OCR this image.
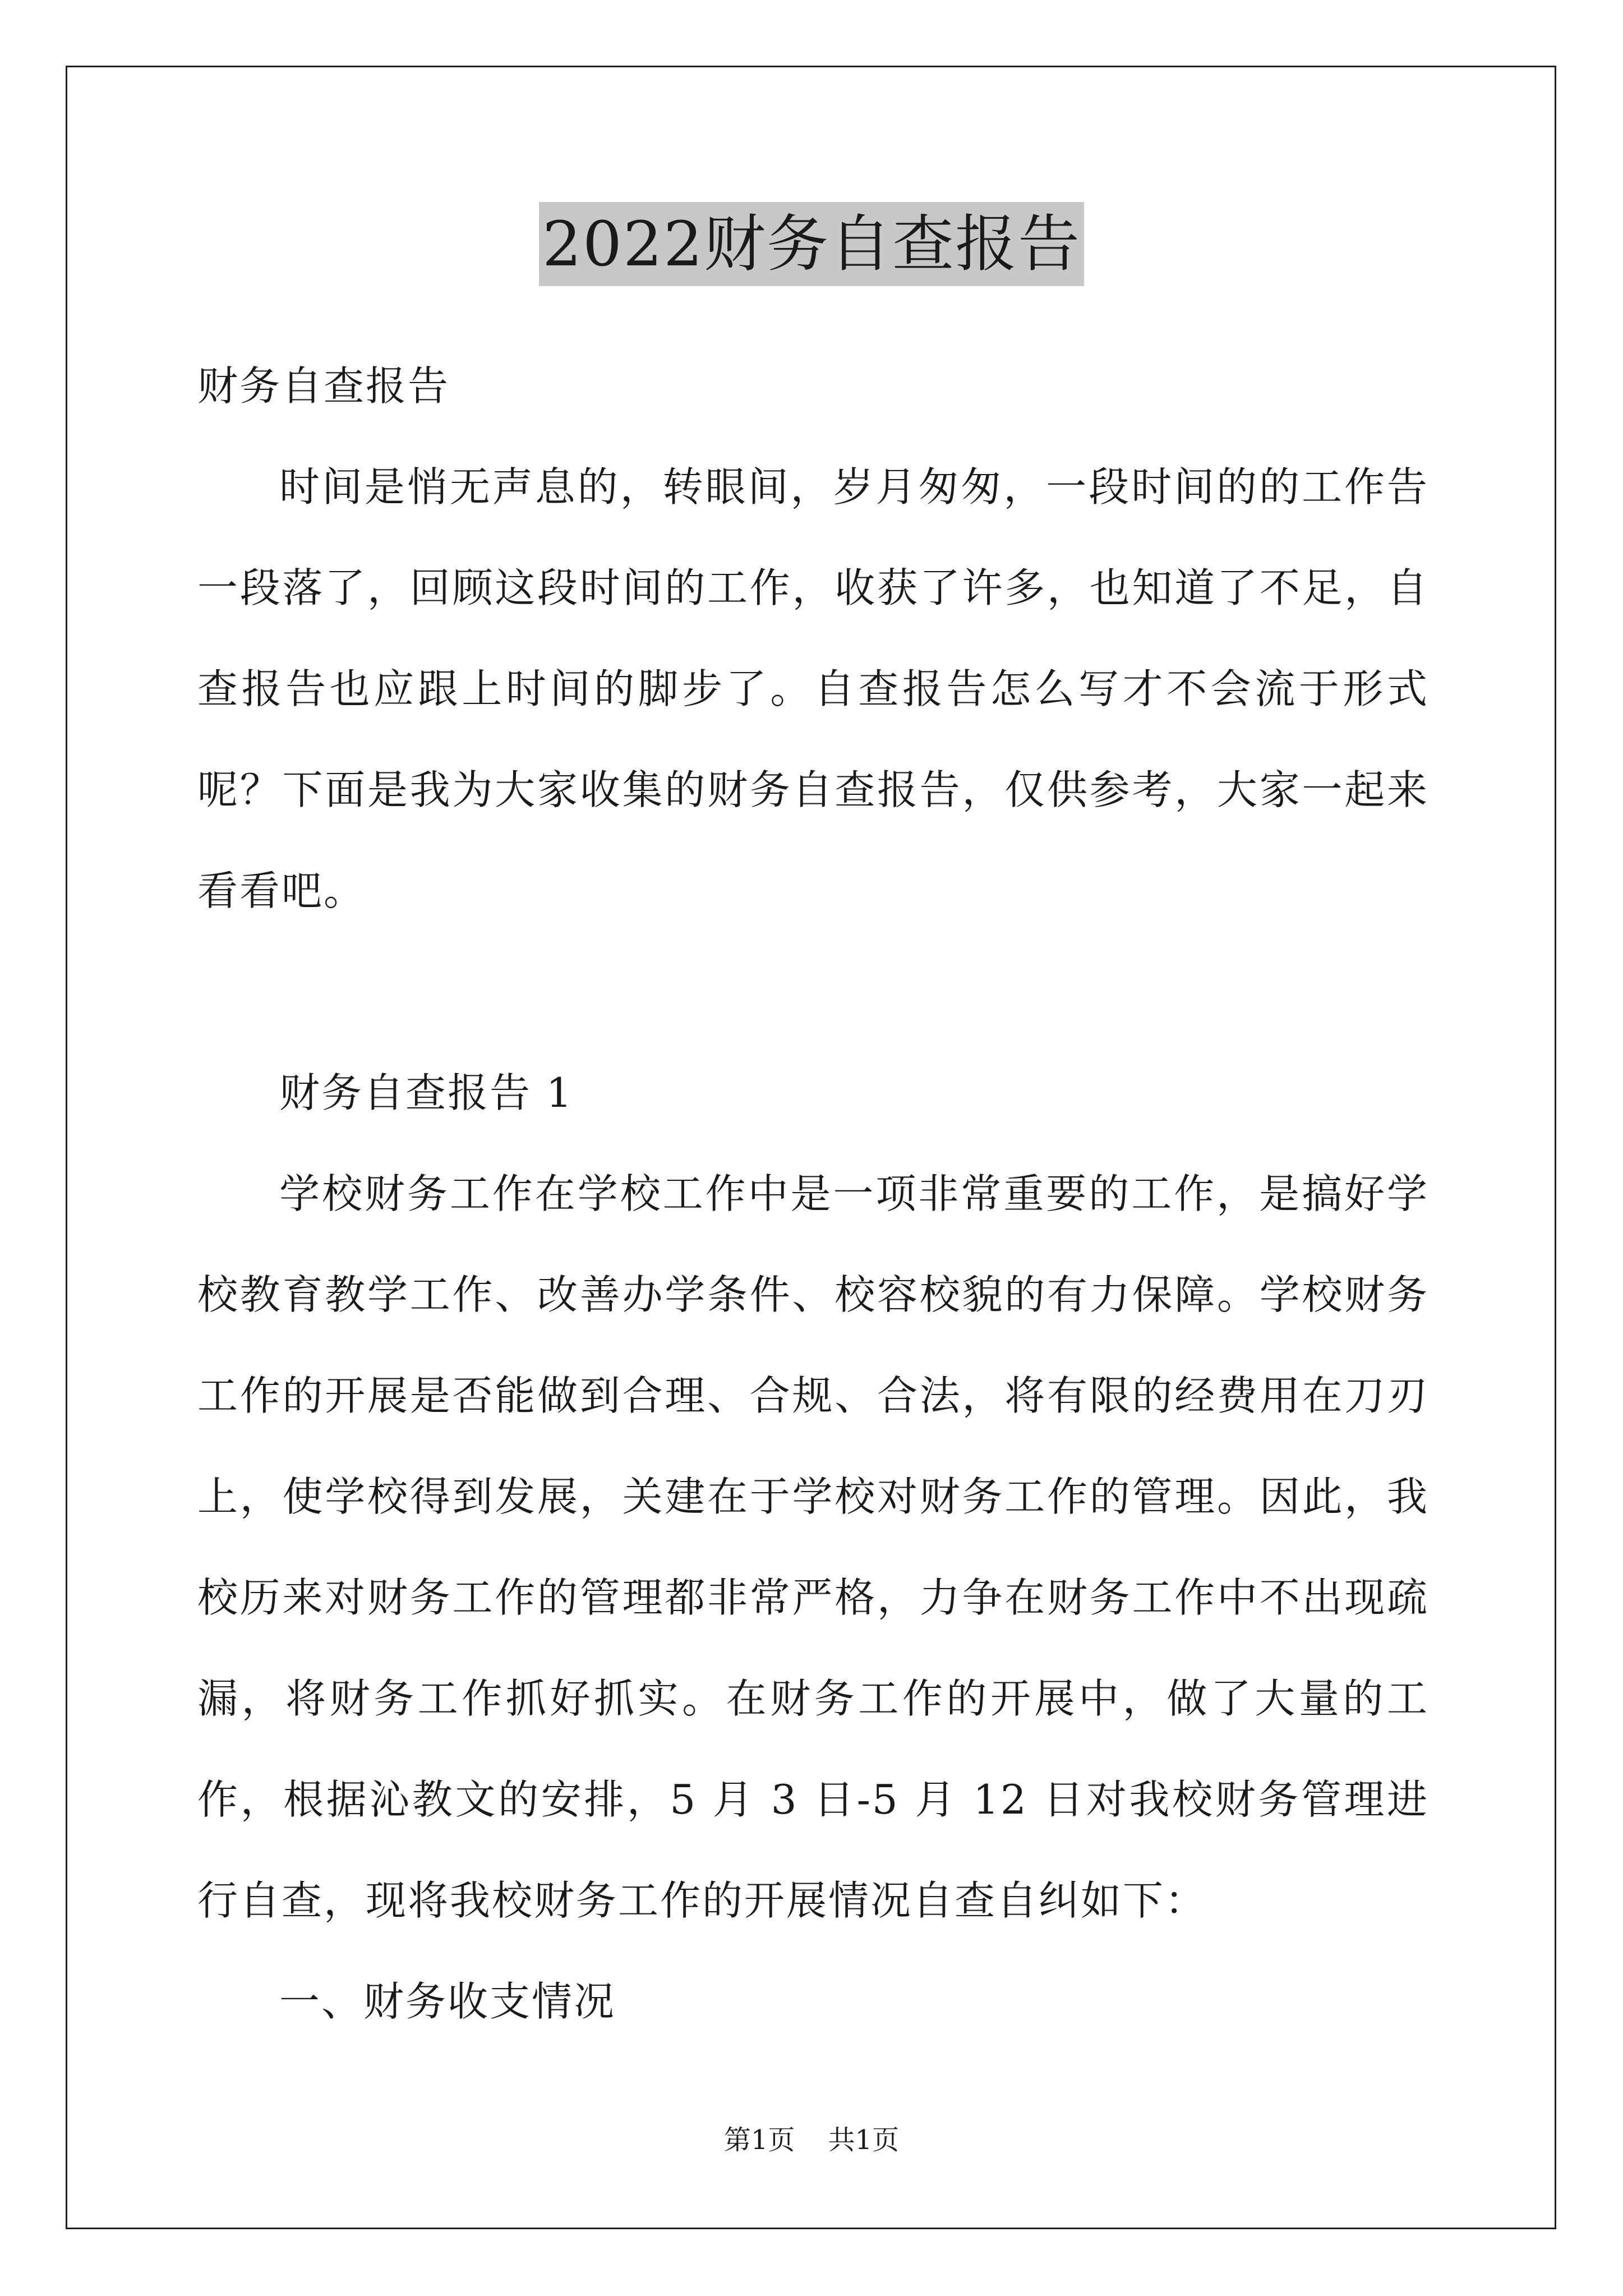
2022财务自查报告

财务自查报告

时间是悄无声息的，转眼间，岁月匆匆，一段时间的的工作告一段落了，回顾这段时间的工作，收获了许多，也知道了不足，自查报告也应跟上时间的脚步了。自查报告怎么写才不会流于形式呢？下面是我为大家收集的财务自查报告，仅供参考，大家一起来看看吧。

财务自查报告 1

学校财务工作在学校工作中是一项非常重要的工作，是搞好学校教育教学工作、改善办学条件、校容校貌的有力保障。学校财务工作的开展是否能做到合理、合规、合法，将有限的经费用在刀刃上，使学校得到发展，关建在于学校对财务工作的管理。因此，我校历来对财务工作的管理都非常严格，力争在财务工作中不出现疏漏，将财务工作抓好抓实。在财务工作的开展中，做了大量的工作，根据沁教文的安排，5 月 3 日-5 月 12 日对我校财务管理进行自查，现将我校财务工作的开展情况自查自纠如下：

一、财务收支情况

第1页 共1页
